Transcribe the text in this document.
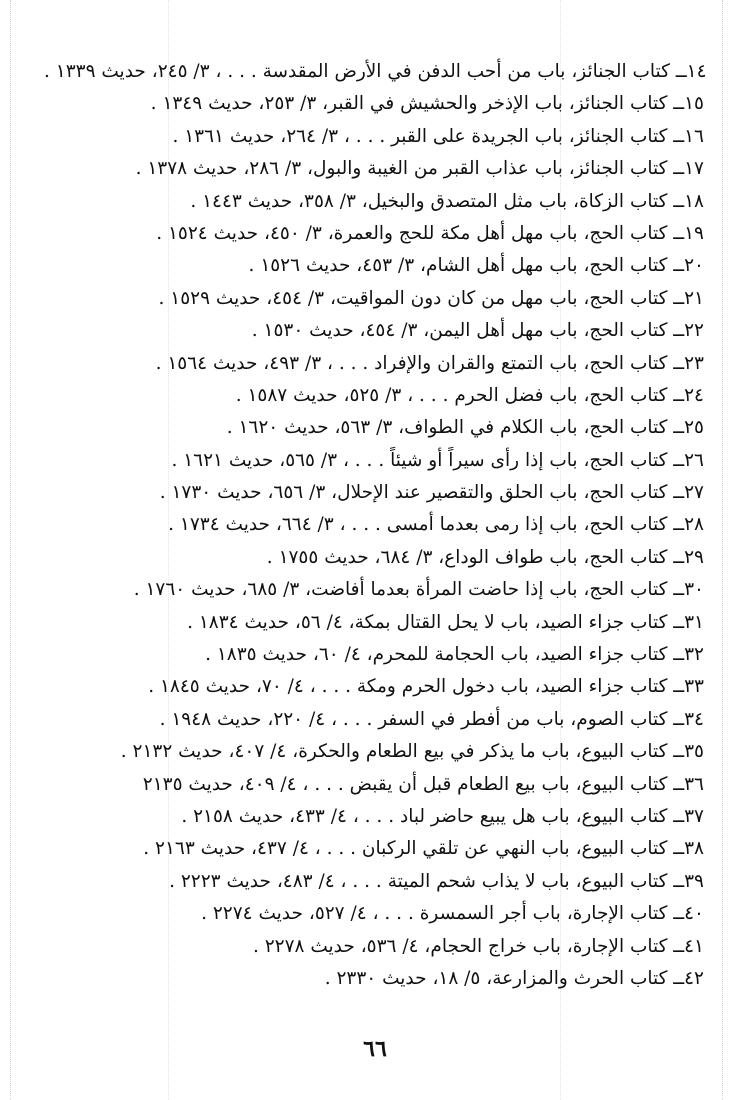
١٤ــ كتاب الجنائز، باب من أحب الدفن في الأرض المقدسة . . . ، ٣/ ٢٤٥، حديث ١٣٣٩ .
١٥ــ كتاب الجنائز، باب الإذخر والحشيش في القبر، ٣/ ٢٥٣، حديث ١٣٤٩ .
١٦ــ كتاب الجنائز، باب الجريدة على القبر . . . ، ٣/ ٢٦٤، حديث ١٣٦١ .
١٧ــ كتاب الجنائز، باب عذاب القبر من الغيبة والبول، ٣/ ٢٨٦، حديث ١٣٧٨ .
١٨ــ كتاب الزكاة، باب مثل المتصدق والبخيل، ٣/ ٣٥٨، حديث ١٤٤٣ .
١٩ــ كتاب الحج، باب مهل أهل مكة للحج والعمرة، ٣/ ٤٥٠، حديث ١٥٢٤ .
٢٠ــ كتاب الحج، باب مهل أهل الشام، ٣/ ٤٥٣، حديث ١٥٢٦ .
٢١ــ كتاب الحج، باب مهل من كان دون المواقيت، ٣/ ٤٥٤، حديث ١٥٢٩ .
٢٢ــ كتاب الحج، باب مهل أهل اليمن، ٣/ ٤٥٤، حديث ١٥٣٠ .
٢٣ــ كتاب الحج، باب التمتع والقران والإفراد . . . ، ٣/ ٤٩٣، حديث ١٥٦٤ .
٢٤ــ كتاب الحج، باب فضل الحرم . . . ، ٣/ ٥٢٥، حديث ١٥٨٧ .
٢٥ــ كتاب الحج، باب الكلام في الطواف، ٣/ ٥٦٣، حديث ١٦٢٠ .
٢٦ــ كتاب الحج، باب إذا رأى سيراً أو شيئاً . . . ، ٣/ ٥٦٥، حديث ١٦٢١ .
٢٧ــ كتاب الحج، باب الحلق والتقصير عند الإحلال، ٣/ ٦٥٦، حديث ١٧٣٠ .
٢٨ــ كتاب الحج، باب إذا رمى بعدما أمسى . . . ، ٣/ ٦٦٤، حديث ١٧٣٤ .
٢٩ــ كتاب الحج، باب طواف الوداع، ٣/ ٦٨٤، حديث ١٧٥٥ .
٣٠ــ كتاب الحج، باب إذا حاضت المرأة بعدما أفاضت، ٣/ ٦٨٥، حديث ١٧٦٠ .
٣١ــ كتاب جزاء الصيد، باب لا يحل القتال بمكة، ٤/ ٥٦، حديث ١٨٣٤ .
٣٢ــ كتاب جزاء الصيد، باب الحجامة للمحرم، ٤/ ٦٠، حديث ١٨٣٥ .
٣٣ــ كتاب جزاء الصيد، باب دخول الحرم ومكة . . . ، ٤/ ٧٠، حديث ١٨٤٥ .
٣٤ــ كتاب الصوم، باب من أفطر في السفر . . . ، ٤/ ٢٢٠، حديث ١٩٤٨ .
٣٥ــ كتاب البيوع، باب ما يذكر في بيع الطعام والحكرة، ٤/ ٤٠٧، حديث ٢١٣٢ .
٣٦ــ كتاب البيوع، باب بيع الطعام قبل أن يقبض . . . ، ٤/ ٤٠٩، حديث ٢١٣٥
٣٧ــ كتاب البيوع، باب هل يبيع حاضر لباد . . . ، ٤/ ٤٣٣، حديث ٢١٥٨ .
٣٨ــ كتاب البيوع، باب النهي عن تلقي الركبان . . . ، ٤/ ٤٣٧، حديث ٢١٦٣ .
٣٩ــ كتاب البيوع، باب لا يذاب شحم الميتة . . . ، ٤/ ٤٨٣، حديث ٢٢٢٣ .
٤٠ــ كتاب الإجارة، باب أجر السمسرة . . . ، ٤/ ٥٢٧، حديث ٢٢٧٤ .
٤١ــ كتاب الإجارة، باب خراج الحجام، ٤/ ٥٣٦، حديث ٢٢٧٨ .
٤٢ــ كتاب الحرث والمزارعة، ٥/ ١٨، حديث ٢٣٣٠ .
٦٦
